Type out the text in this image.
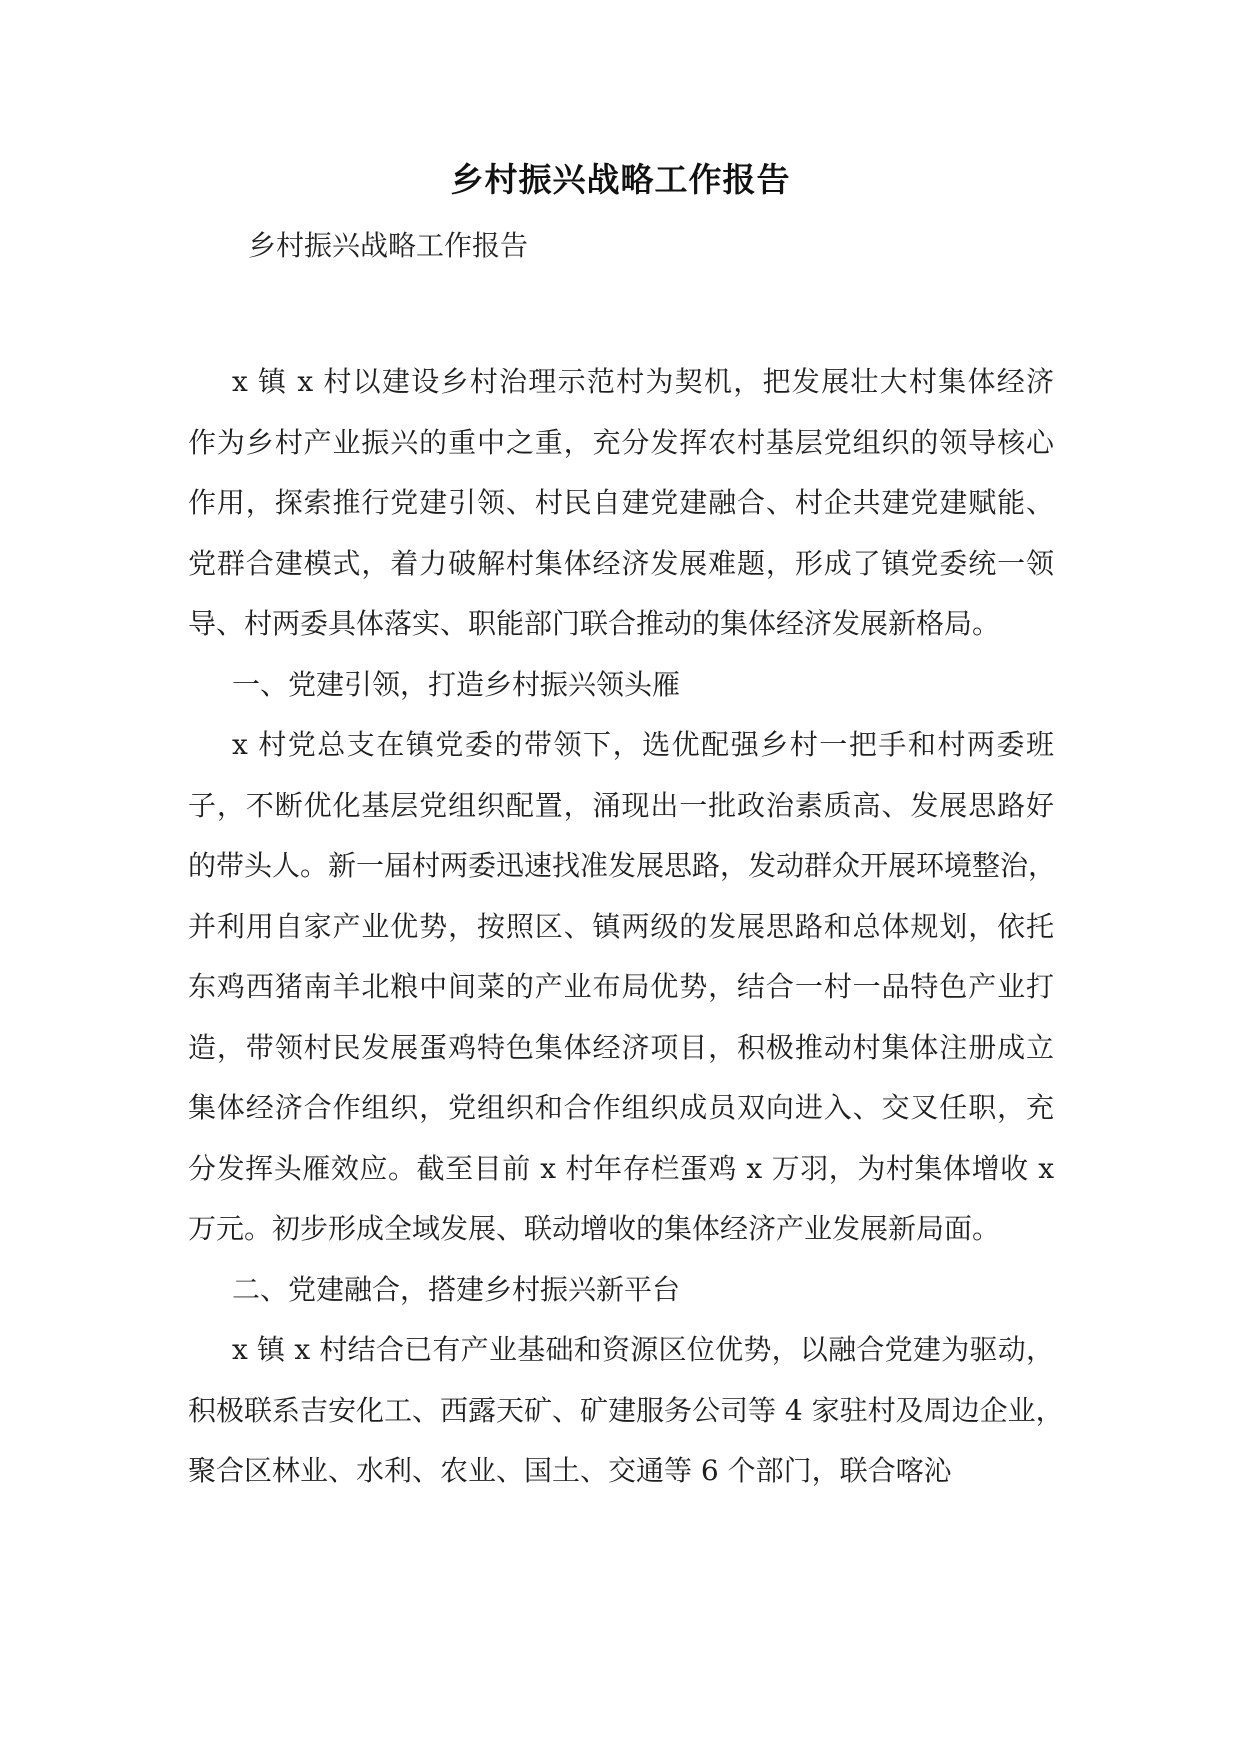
乡村振兴战略工作报告
乡村振兴战略工作报告
x 镇 x 村以建设乡村治理示范村为契机，把发展壮大村集体经济
作为乡村产业振兴的重中之重，充分发挥农村基层党组织的领导核心
作用，探索推行党建引领、村民自建党建融合、村企共建党建赋能、
党群合建模式，着力破解村集体经济发展难题，形成了镇党委统一领
导、村两委具体落实、职能部门联合推动的集体经济发展新格局。
一、党建引领，打造乡村振兴领头雁
x 村党总支在镇党委的带领下，选优配强乡村一把手和村两委班
子，不断优化基层党组织配置，涌现出一批政治素质高、发展思路好
的带头人。新一届村两委迅速找准发展思路，发动群众开展环境整治，
并利用自家产业优势，按照区、镇两级的发展思路和总体规划，依托
东鸡西猪南羊北粮中间菜的产业布局优势，结合一村一品特色产业打
造，带领村民发展蛋鸡特色集体经济项目，积极推动村集体注册成立
集体经济合作组织，党组织和合作组织成员双向进入、交叉任职，充
分发挥头雁效应。截至目前 x 村年存栏蛋鸡 x 万羽，为村集体增收 x
万元。初步形成全域发展、联动增收的集体经济产业发展新局面。
二、党建融合，搭建乡村振兴新平台
x 镇 x 村结合已有产业基础和资源区位优势，以融合党建为驱动，
积极联系吉安化工、西露天矿、矿建服务公司等 4 家驻村及周边企业，
聚合区林业、水利、农业、国土、交通等 6 个部门，联合喀沁
